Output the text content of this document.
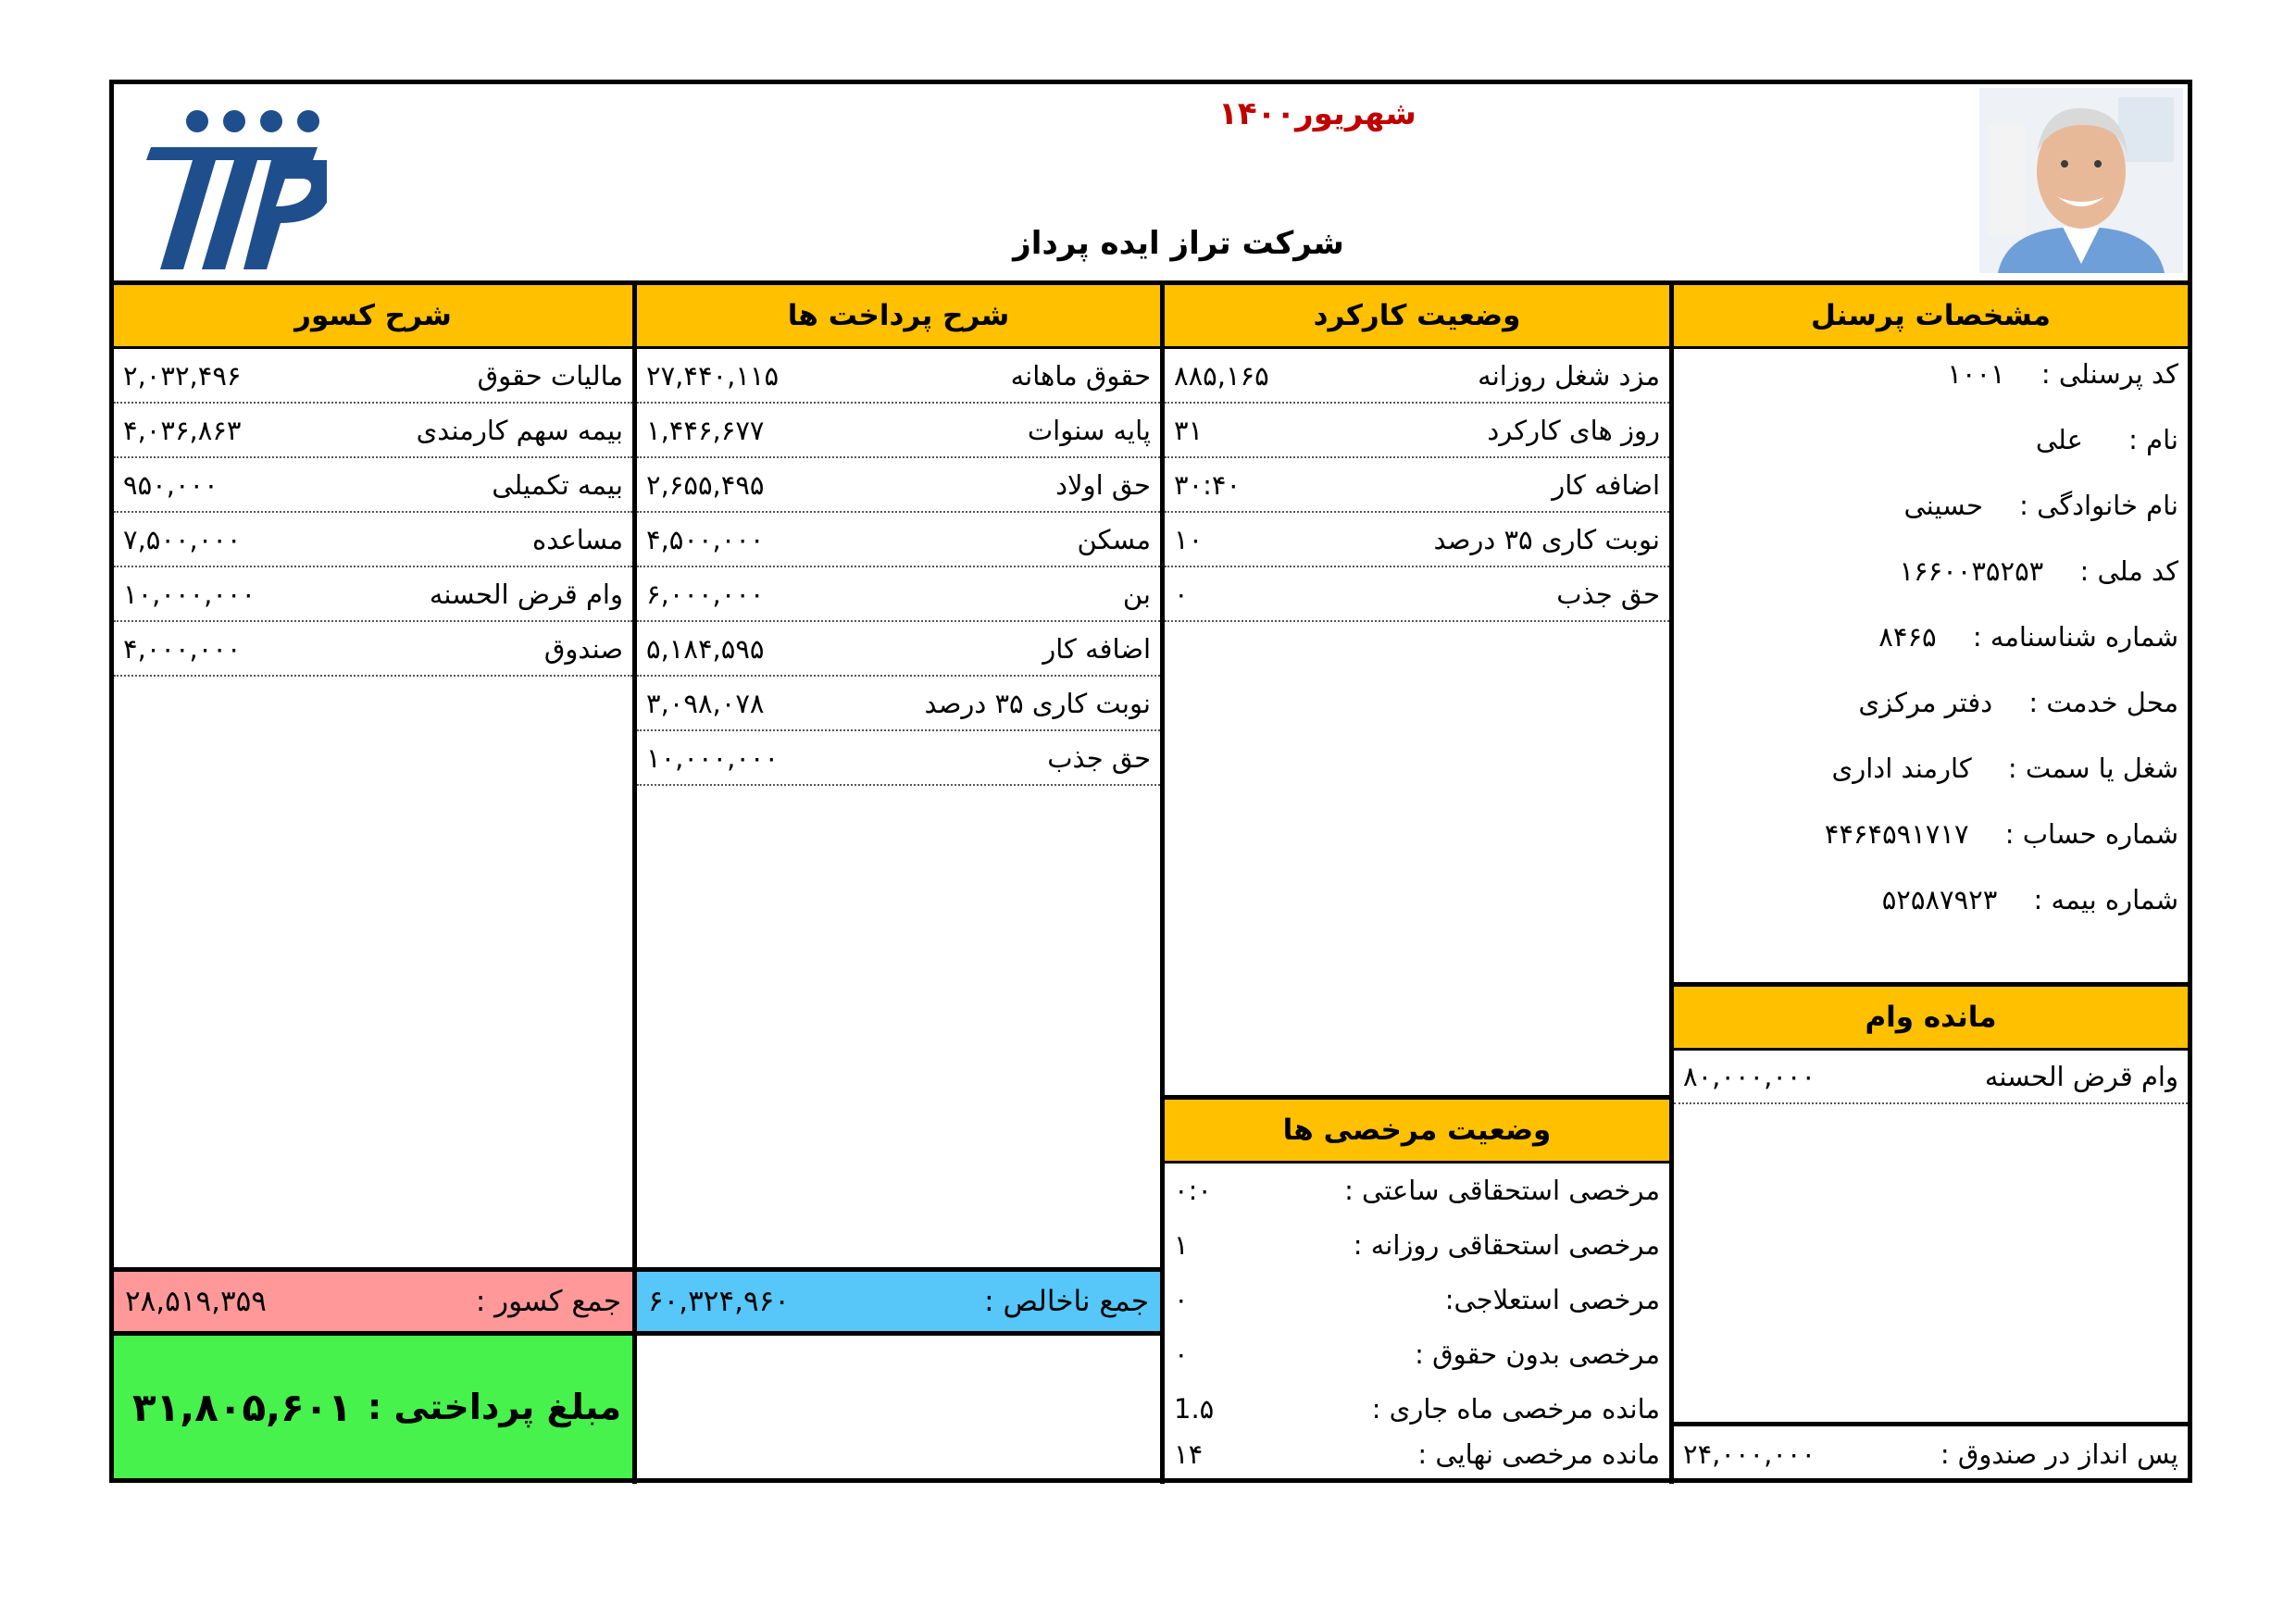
شهریور۱۴۰۰
شرکت تراز ایده پرداز
مشخصات پرسنل
کد پرسنلی : ۱۰۰۱
نام : علی
نام خانوادگی : حسینی
کد ملی : ۱۶۶۰۰۳۵۲۵۳
شماره شناسنامه : ۸۴۶۵
محل خدمت : دفتر مرکزی
شغل یا سمت : کارمند اداری
شماره حساب : ۴۴۶۴۵۹۱۷۱۷
شماره بیمه : ۵۲۵۸۷۹۲۳
مانده وام
وام قرض الحسنه
۸۰,۰۰۰,۰۰۰
پس انداز در صندوق :
۲۴,۰۰۰,۰۰۰
وضعیت کارکرد
مزد شغل روزانه
۸۸۵,۱۶۵
روز های کارکرد
۳۱
اضافه کار
۳۰:۴۰
نوبت کاری ۳۵ درصد
۱۰
حق جذب
۰
وضعیت مرخصی ها
مرخصی استحقاقی ساعتی :
۰:۰
مرخصی استحقاقی روزانه :
۱
مرخصی استعلاجی:
۰
مرخصی بدون حقوق :
۰
مانده مرخصی ماه جاری :
1.۵
مانده مرخصی نهایی :
۱۴
شرح پرداخت ها
حقوق ماهانه
۲۷,۴۴۰,۱۱۵
پایه سنوات
۱,۴۴۶,۶۷۷
حق اولاد
۲,۶۵۵,۴۹۵
مسکن
۴,۵۰۰,۰۰۰
بن
۶,۰۰۰,۰۰۰
اضافه کار
۵,۱۸۴,۵۹۵
نوبت کاری ۳۵ درصد
۳,۰۹۸,۰۷۸
حق جذب
۱۰,۰۰۰,۰۰۰
جمع ناخالص :
۶۰,۳۲۴,۹۶۰
شرح کسور
مالیات حقوق
۲,۰۳۲,۴۹۶
بیمه سهم کارمندی
۴,۰۳۶,۸۶۳
بیمه تکمیلی
۹۵۰,۰۰۰
مساعده
۷,۵۰۰,۰۰۰
وام قرض الحسنه
۱۰,۰۰۰,۰۰۰
صندوق
۴,۰۰۰,۰۰۰
جمع کسور :
۲۸,۵۱۹,۳۵۹
مبلغ پرداختی :
۳۱,۸۰۵,۶۰۱
